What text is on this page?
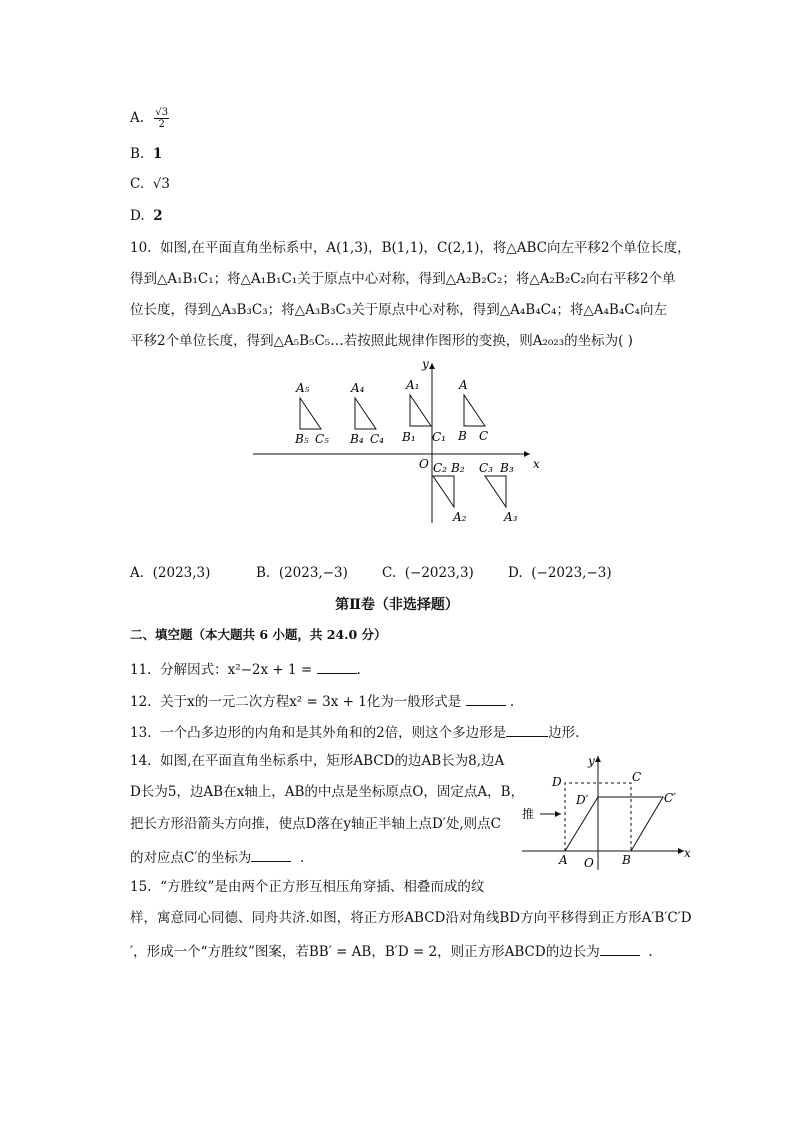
A. $\frac{√3}{2}$
B. 1
C. √3
D. 2
10. 如图,在平面直角坐标系中，A(1,3)，B(1,1)，C(2,1)，将△ABC向左平移2个单位长度，
得到△A₁B₁C₁；将△A₁B₁C₁关于原点中心对称，得到△A₂B₂C₂；将△A₂B₂C₂向右平移2个单
位长度，得到△A₃B₃C₃；将△A₃B₃C₃关于原点中心对称，得到△A₄B₄C₄；将△A₄B₄C₄向左
平移2个单位长度，得到△A₅B₅C₅…若按照此规律作图形的变换，则A₂₀₂₃的坐标为( )
y
x
O
A
B C
A₁
B₁ C₁
A₄
B₄ C₄
A₅
B₅ C₅
C₂ B₂
A₂
C₃ B₃
A₃
A. (2023,3)	B. (2023,−3)	C. (−2023,3)	D. (−2023,−3)
第Ⅱ卷（非选择题）
二、填空题（本大题共 6 小题，共 24.0 分）
11. 分解因式：x²−2x + 1 =	.
12. 关于x的一元二次方程x² = 3x + 1化为一般形式是	.
13. 一个凸多边形的内角和是其外角和的2倍，则这个多边形是	边形.
14. 如图,在平面直角坐标系中，矩形ABCD的边AB长为8,边A
D长为5，边AB在x轴上，AB的中点是坐标原点O，固定点A，B，
把长方形沿箭头方向推，使点D落在y轴正半轴上点D′处,则点C
的对应点C′的坐标为	.
y
x
O
推
D	C
D′	C′
A	B
15. “方胜纹”是由两个正方形互相压角穿插、相叠而成的纹
样，寓意同心同德、同舟共济.如图，将正方形ABCD沿对角线BD方向平移得到正方形A′B′C′D
′，形成一个“方胜纹”图案，若BB′ = AB，B′D = 2，则正方形ABCD的边长为	.
